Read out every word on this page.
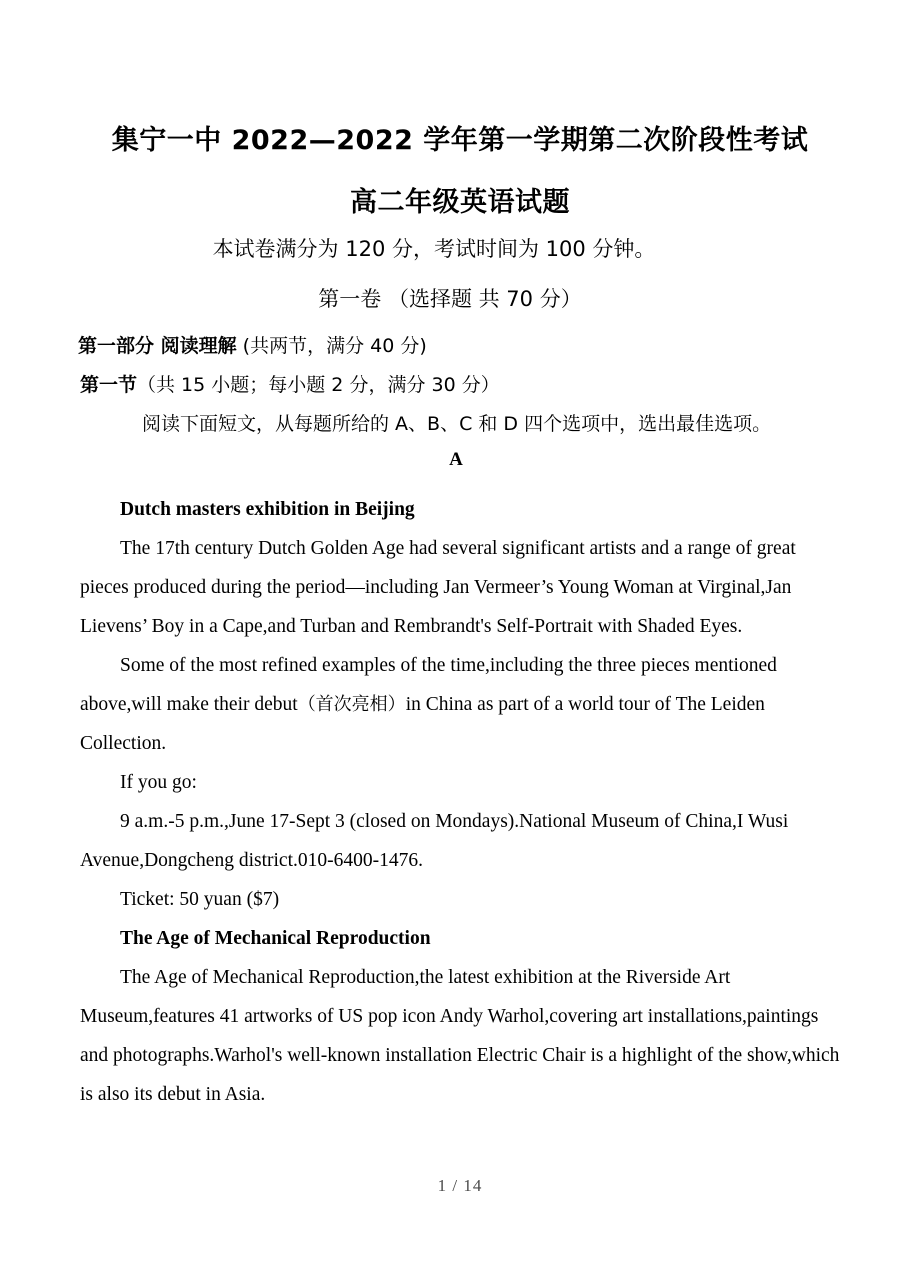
集宁一中 2022—2022 学年第一学期第二次阶段性考试
高二年级英语试题
本试卷满分为 120 分，考试时间为 100 分钟。
第一卷 （选择题 共 70 分）
第一部分 阅读理解 (共两节，满分 40 分)
第一节（共 15 小题；每小题 2 分，满分 30 分）
阅读下面短文，从每题所给的 A、B、C 和 D 四个选项中，选出最佳选项。
A

Dutch masters exhibition in Beijing

The 17th century Dutch Golden Age had several significant artists and a range of great pieces produced during the period—including Jan Vermeer’s Young Woman at Virginal,Jan Lievens’ Boy in a Cape,and Turban and Rembrandt's Self-Portrait with Shaded Eyes.

Some of the most refined examples of the time,including the three pieces mentioned above,will make their debut（首次亮相）in China as part of a world tour of The Leiden Collection.

If you go:

9 a.m.-5 p.m.,June 17-Sept 3 (closed on Mondays).National Museum of China,I Wusi Avenue,Dongcheng district.010-6400-1476.

Ticket: 50 yuan ($7)

The Age of Mechanical Reproduction

The Age of Mechanical Reproduction,the latest exhibition at the Riverside Art Museum,features 41 artworks of US pop icon Andy Warhol,covering art installations,paintings and photographs.Warhol's well-known installation Electric Chair is a highlight of the show,which is also its debut in Asia.

1 / 14
